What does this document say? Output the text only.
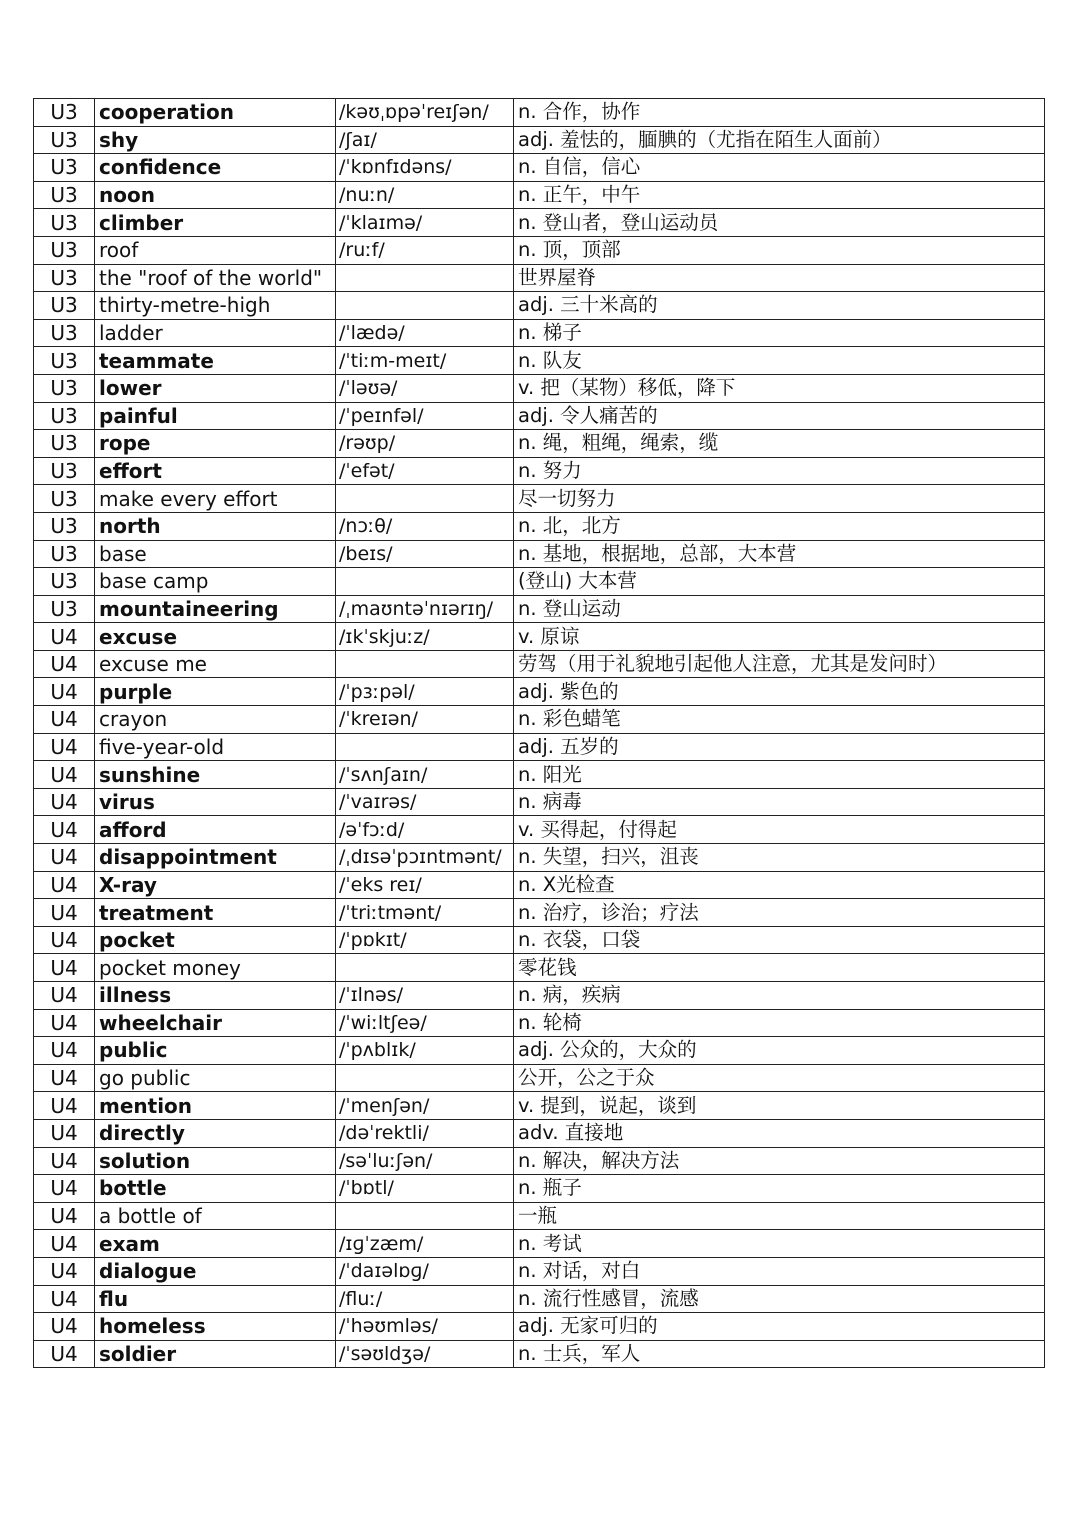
U3	cooperation	/kəʊˌɒpəˈreɪʃən/	n. 合作，协作
U3	shy	/ʃaɪ/	adj. 羞怯的，腼腆的（尤指在陌生人面前）
U3	confidence	/ˈkɒnfɪdəns/	n. 自信，信心
U3	noon	/nuːn/	n. 正午，中午
U3	climber	/ˈklaɪmə/	n. 登山者，登山运动员
U3	roof	/ruːf/	n. 顶，顶部
U3	the "roof of the world"		世界屋脊
U3	thirty-metre-high		adj. 三十米高的
U3	ladder	/ˈlædə/	n. 梯子
U3	teammate	/ˈtiːm-meɪt/	n. 队友
U3	lower	/ˈləʊə/	v. 把（某物）移低，降下
U3	painful	/ˈpeɪnfəl/	adj. 令人痛苦的
U3	rope	/rəʊp/	n. 绳，粗绳，绳索，缆
U3	effort	/ˈefət/	n. 努力
U3	make every effort		尽一切努力
U3	north	/nɔːθ/	n. 北，北方
U3	base	/beɪs/	n. 基地，根据地，总部，大本营
U3	base camp		(登山) 大本营
U3	mountaineering	/ˌmaʊntəˈnɪərɪŋ/	n. 登山运动
U4	excuse	/ɪkˈskjuːz/	v. 原谅
U4	excuse me		劳驾（用于礼貌地引起他人注意，尤其是发问时）
U4	purple	/ˈpɜːpəl/	adj. 紫色的
U4	crayon	/ˈkreɪən/	n. 彩色蜡笔
U4	five-year-old		adj. 五岁的
U4	sunshine	/ˈsʌnʃaɪn/	n. 阳光
U4	virus	/ˈvaɪrəs/	n. 病毒
U4	afford	/əˈfɔːd/	v. 买得起，付得起
U4	disappointment	/ˌdɪsəˈpɔɪntmənt/	n. 失望，扫兴，沮丧
U4	X-ray	/ˈeks reɪ/	n. X光检查
U4	treatment	/ˈtriːtmənt/	n. 治疗，诊治；疗法
U4	pocket	/ˈpɒkɪt/	n. 衣袋，口袋
U4	pocket money		零花钱
U4	illness	/ˈɪlnəs/	n. 病，疾病
U4	wheelchair	/ˈwiːltʃeə/	n. 轮椅
U4	public	/ˈpʌblɪk/	adj. 公众的，大众的
U4	go public		公开，公之于众
U4	mention	/ˈmenʃən/	v. 提到，说起，谈到
U4	directly	/dəˈrektli/	adv. 直接地
U4	solution	/səˈluːʃən/	n. 解决，解决方法
U4	bottle	/ˈbɒtl/	n. 瓶子
U4	a bottle of		一瓶
U4	exam	/ɪɡˈzæm/	n. 考试
U4	dialogue	/ˈdaɪəlɒɡ/	n. 对话，对白
U4	flu	/fluː/	n. 流行性感冒，流感
U4	homeless	/ˈhəʊmləs/	adj. 无家可归的
U4	soldier	/ˈsəʊldʒə/	n. 士兵，军人
